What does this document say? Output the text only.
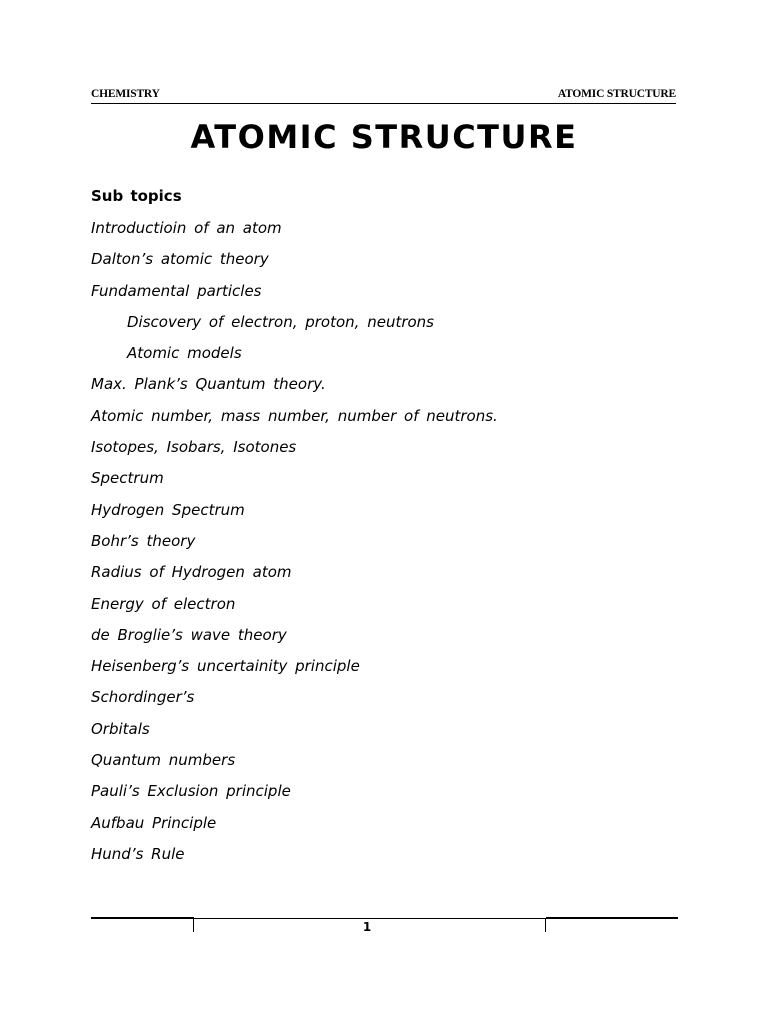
CHEMISTRY	ATOMIC STRUCTURE
ATOMIC STRUCTURE
Sub topics
Introductioin of an atom
Dalton’s atomic theory
Fundamental particles
Discovery of electron, proton, neutrons
Atomic models
Max. Plank’s Quantum theory.
Atomic number, mass number, number of neutrons.
Isotopes, Isobars, Isotones
Spectrum
Hydrogen Spectrum
Bohr’s theory
Radius of Hydrogen atom
Energy of electron
de Broglie’s wave theory
Heisenberg’s uncertainity principle
Schordinger’s
Orbitals
Quantum numbers
Pauli’s Exclusion principle
Aufbau Principle
Hund’s Rule
1
